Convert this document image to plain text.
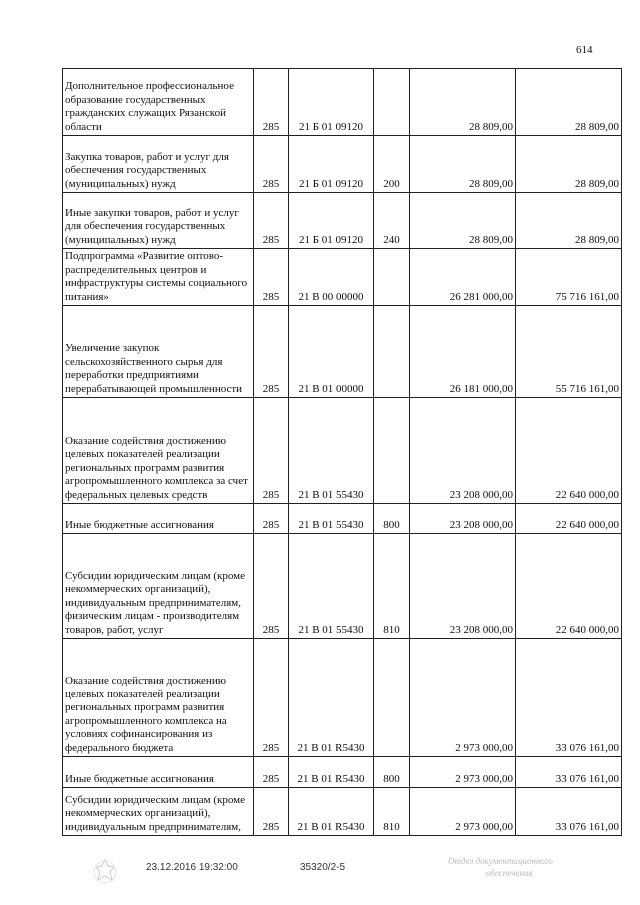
614
Дополнительное профессиональное образование государственных гражданских служащих Рязанской области	285	21 Б 01 09120		28 809,00	28 809,00
Закупка товаров, работ и услуг для обеспечения государственных (муниципальных) нужд	285	21 Б 01 09120	200	28 809,00	28 809,00
Иные закупки товаров, работ и услуг для обеспечения государственных (муниципальных) нужд	285	21 Б 01 09120	240	28 809,00	28 809,00
Подпрограмма «Развитие оптово-распределительных центров и инфраструктуры системы социального питания»	285	21 В 00 00000		26 281 000,00	75 716 161,00
Увеличение закупок сельскохозяйственного сырья для переработки предприятиями перерабатывающей промышленности	285	21 В 01 00000		26 181 000,00	55 716 161,00
Оказание содействия достижению целевых показателей реализации региональных программ развития агропромышленного комплекса за счет федеральных целевых средств	285	21 В 01 55430		23 208 000,00	22 640 000,00
Иные бюджетные ассигнования	285	21 В 01 55430	800	23 208 000,00	22 640 000,00
Субсидии юридическим лицам (кроме некоммерческих организаций), индивидуальным предпринимателям, физическим лицам - производителям товаров, работ, услуг	285	21 В 01 55430	810	23 208 000,00	22 640 000,00
Оказание содействия достижению целевых показателей реализации региональных программ развития агропромышленного комплекса на условиях софинансирования из федерального бюджета	285	21 В 01 R5430		2 973 000,00	33 076 161,00
Иные бюджетные ассигнования	285	21 В 01 R5430	800	2 973 000,00	33 076 161,00
Субсидии юридическим лицам (кроме некоммерческих организаций), индивидуальным предпринимателям,	285	21 В 01 R5430	810	2 973 000,00	33 076 161,00
23.12.2016 19:32:00	35320/2-5
Отдел документационного
обеспечения
